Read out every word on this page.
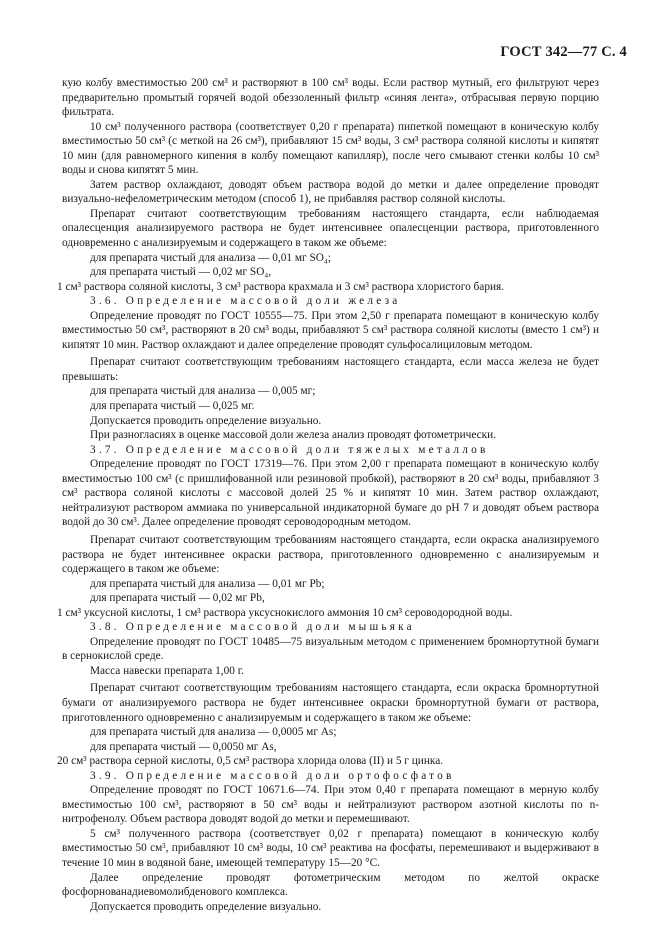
ГОСТ 342—77 С. 4

кую колбу вместимостью 200 см³ и растворяют в 100 см³ воды. Если раствор мутный, его фильтруют через предварительно промытый горячей водой обеззоленный фильтр «синяя лента», отбрасывая первую порцию фильтрата.

10 см³ полученного раствора (соответствует 0,20 г препарата) пипеткой помещают в коническую колбу вместимостью 50 см³ (с меткой на 26 см³), прибавляют 15 см³ воды, 3 см³ раствора соляной кислоты и кипятят 10 мин (для равномерного кипения в колбу помещают капилляр), после чего смывают стенки колбы 10 см³ воды и снова кипятят 5 мин.

Затем раствор охлаждают, доводят объем раствора водой до метки и далее определение проводят визуально-нефелометрическим методом (способ 1), не прибавляя раствор соляной кислоты.

Препарат считают соответствующим требованиям настоящего стандарта, если наблюдаемая опалесценция анализируемого раствора не будет интенсивнее опалесценции раствора, приготовленного одновременно с анализируемым и содержащего в таком же объеме:

для препарата чистый для анализа — 0,01 мг SO₄;

для препарата чистый — 0,02 мг SO₄,

1 см³ раствора соляной кислоты, 3 см³ раствора крахмала и 3 см³ раствора хлористого бария.

3.6. Определение массовой доли железа

Определение проводят по ГОСТ 10555—75. При этом 2,50 г препарата помещают в коническую колбу вместимостью 50 см³, растворяют в 20 см³ воды, прибавляют 5 см³ раствора соляной кислоты (вместо 1 см³) и кипятят 10 мин. Раствор охлаждают и далее определение проводят сульфосалициловым методом.

Препарат считают соответствующим требованиям настоящего стандарта, если масса железа не будет превышать:

для препарата чистый для анализа — 0,005 мг;

для препарата чистый — 0,025 мг.

Допускается проводить определение визуально.

При разногласиях в оценке массовой доли железа анализ проводят фотометрически.

3.7. Определение массовой доли тяжелых металлов

Определение проводят по ГОСТ 17319—76. При этом 2,00 г препарата помещают в коническую колбу вместимостью 100 см³ (с пришлифованной или резиновой пробкой), растворяют в 20 см³ воды, прибавляют 3 см³ раствора соляной кислоты с массовой долей 25 % и кипятят 10 мин. Затем раствор охлаждают, нейтрализуют раствором аммиака по универсальной индикаторной бумаге до рН 7 и доводят объем раствора водой до 30 см³. Далее определение проводят сероводородным методом.

Препарат считают соответствующим требованиям настоящего стандарта, если окраска анализируемого раствора не будет интенсивнее окраски раствора, приготовленного одновременно с анализируемым и содержащего в таком же объеме:

для препарата чистый для анализа — 0,01 мг Pb;

для препарата чистый — 0,02 мг Pb,

1 см³ уксусной кислоты, 1 см³ раствора уксуснокислого аммония 10 см³ сероводородной воды.

3.8. Определение массовой доли мышьяка

Определение проводят по ГОСТ 10485—75 визуальным методом с применением бромнортутной бумаги в сернокислой среде.

Масса навески препарата 1,00 г.

Препарат считают соответствующим требованиям настоящего стандарта, если окраска бромнортутной бумаги от анализируемого раствора не будет интенсивнее окраски бромнортутной бумаги от раствора, приготовленного одновременно с анализируемым и содержащего в таком же объеме:

для препарата чистый для анализа — 0,0005 мг As;

для препарата чистый — 0,0050 мг As,

20 см³ раствора серной кислоты, 0,5 см³ раствора хлорида олова (II) и 5 г цинка.

3.9. Определение массовой доли ортофосфатов

Определение проводят по ГОСТ 10671.6—74. При этом 0,40 г препарата помещают в мерную колбу вместимостью 100 см³, растворяют в 50 см³ воды и нейтрализуют раствором азотной кислоты по n-нитрофенолу. Объем раствора доводят водой до метки и перемешивают.

5 см³ полученного раствора (соответствует 0,02 г препарата) помещают в коническую колбу вместимостью 50 см³, прибавляют 10 см³ воды, 10 см³ реактива на фосфаты, перемешивают и выдерживают в течение 10 мин в водяной бане, имеющей температуру 15—20 °С.

Далее определение проводят фотометрическим методом по желтой окраске фосфорнованадиевомолибденового комплекса.

Допускается проводить определение визуально.
